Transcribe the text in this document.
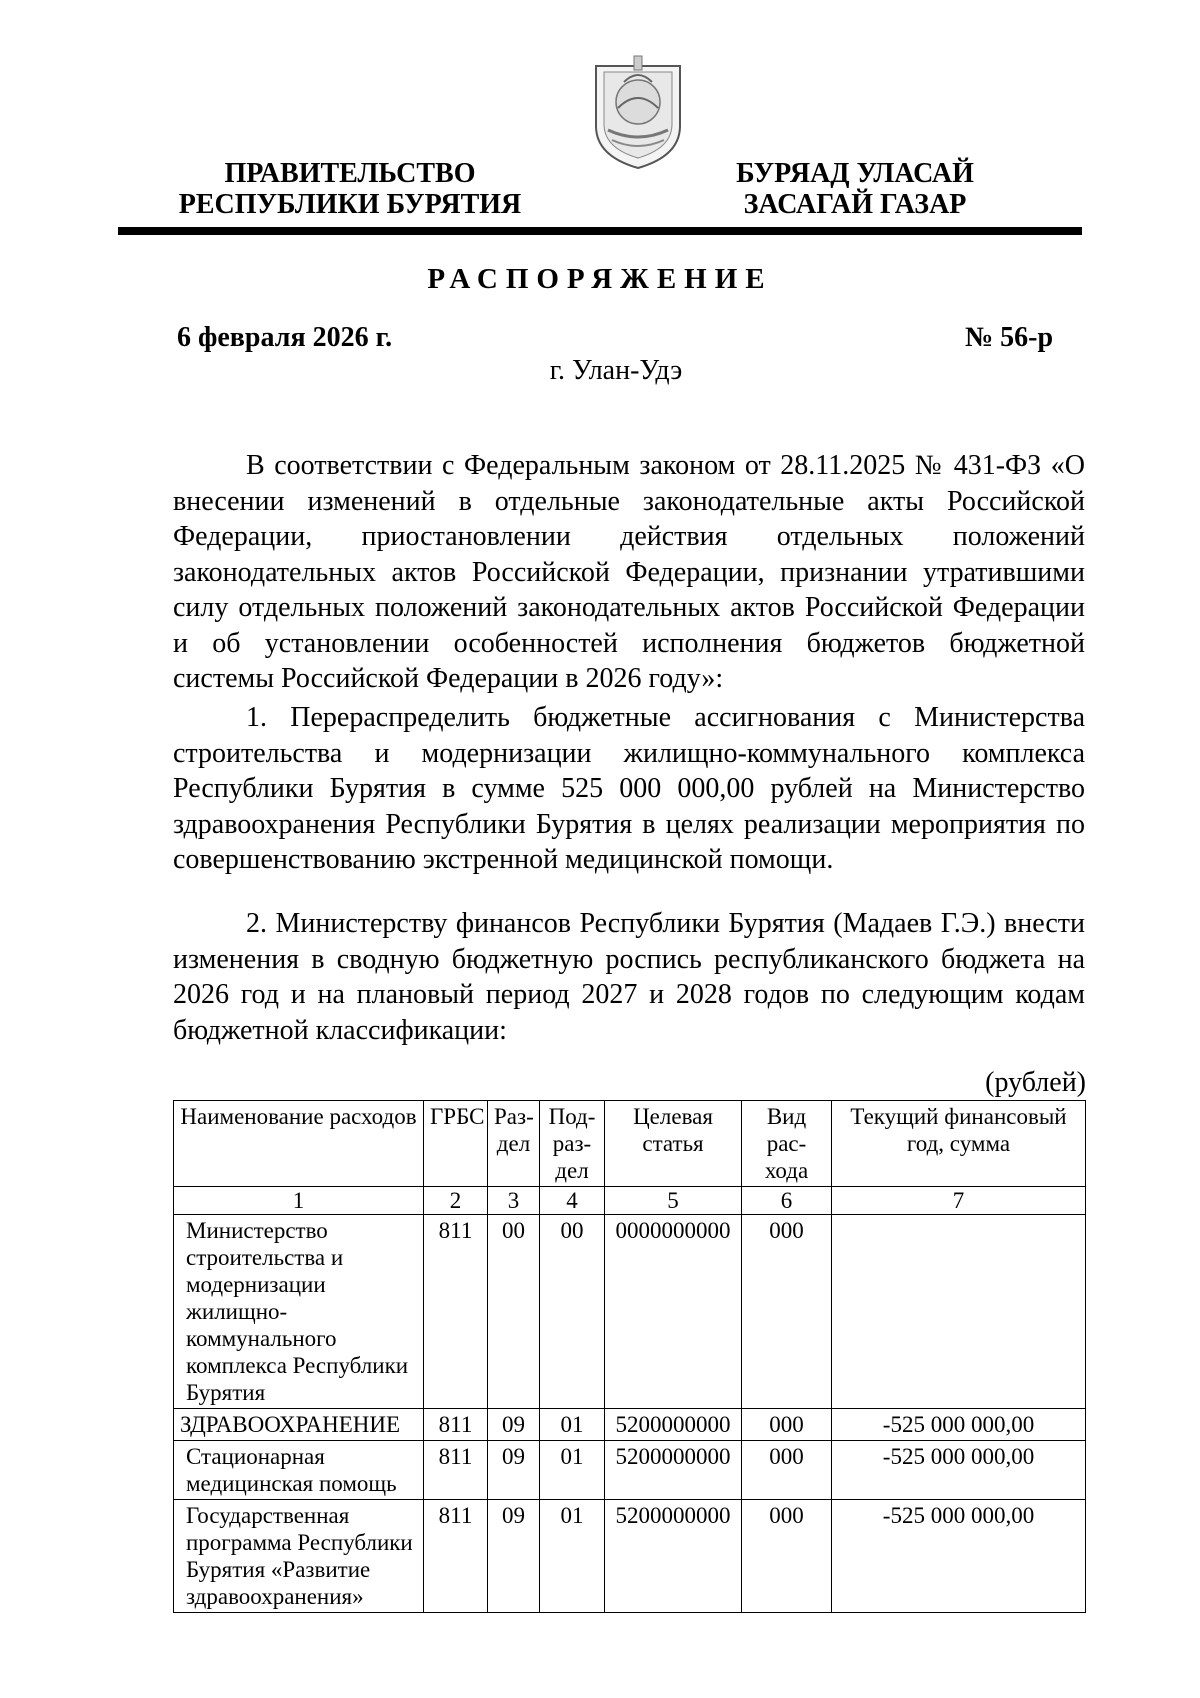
ПРАВИТЕЛЬСТВО
РЕСПУБЛИКИ БУРЯТИЯ
БУРЯАД УЛАСАЙ
ЗАСАГАЙ ГАЗАР
РАСПОРЯЖЕНИЕ
6 февраля 2026 г.	№ 56-р
г. Улан-Удэ
В соответствии с Федеральным законом от 28.11.2025 № 431-ФЗ «О внесении изменений в отдельные законодательные акты Российской Федерации, приостановлении действия отдельных положений законодательных актов Российской Федерации, признании утратившими силу отдельных положений законодательных актов Российской Федерации и об установлении особенностей исполнения бюджетов бюджетной системы Российской Федерации в 2026 году»:
1. Перераспределить бюджетные ассигнования с Министерства строительства и модернизации жилищно-коммунального комплекса Республики Бурятия в сумме 525 000 000,00 рублей на Министерство здравоохранения Республики Бурятия в целях реализации мероприятия по совершенствованию экстренной медицинской помощи.
2. Министерству финансов Республики Бурятия (Мадаев Г.Э.) внести изменения в сводную бюджетную роспись республиканского бюджета на 2026 год и на плановый период 2027 и 2028 годов по следующим кодам бюджетной классификации:
(рублей)
Наименование расходов	ГРБС	Раз-дел	Под-раз-дел	Целевая статья	Вид рас-хода	Текущий финансовый год, сумма
1	2	3	4	5	6	7
Министерство строительства и модернизации жилищно-коммунального комплекса Республики Бурятия	811	00	00	0000000000	000	
ЗДРАВООХРАНЕНИЕ	811	09	01	5200000000	000	-525 000 000,00
Стационарная медицинская помощь	811	09	01	5200000000	000	-525 000 000,00
Государственная программа Республики Бурятия «Развитие здравоохранения»	811	09	01	5200000000	000	-525 000 000,00
